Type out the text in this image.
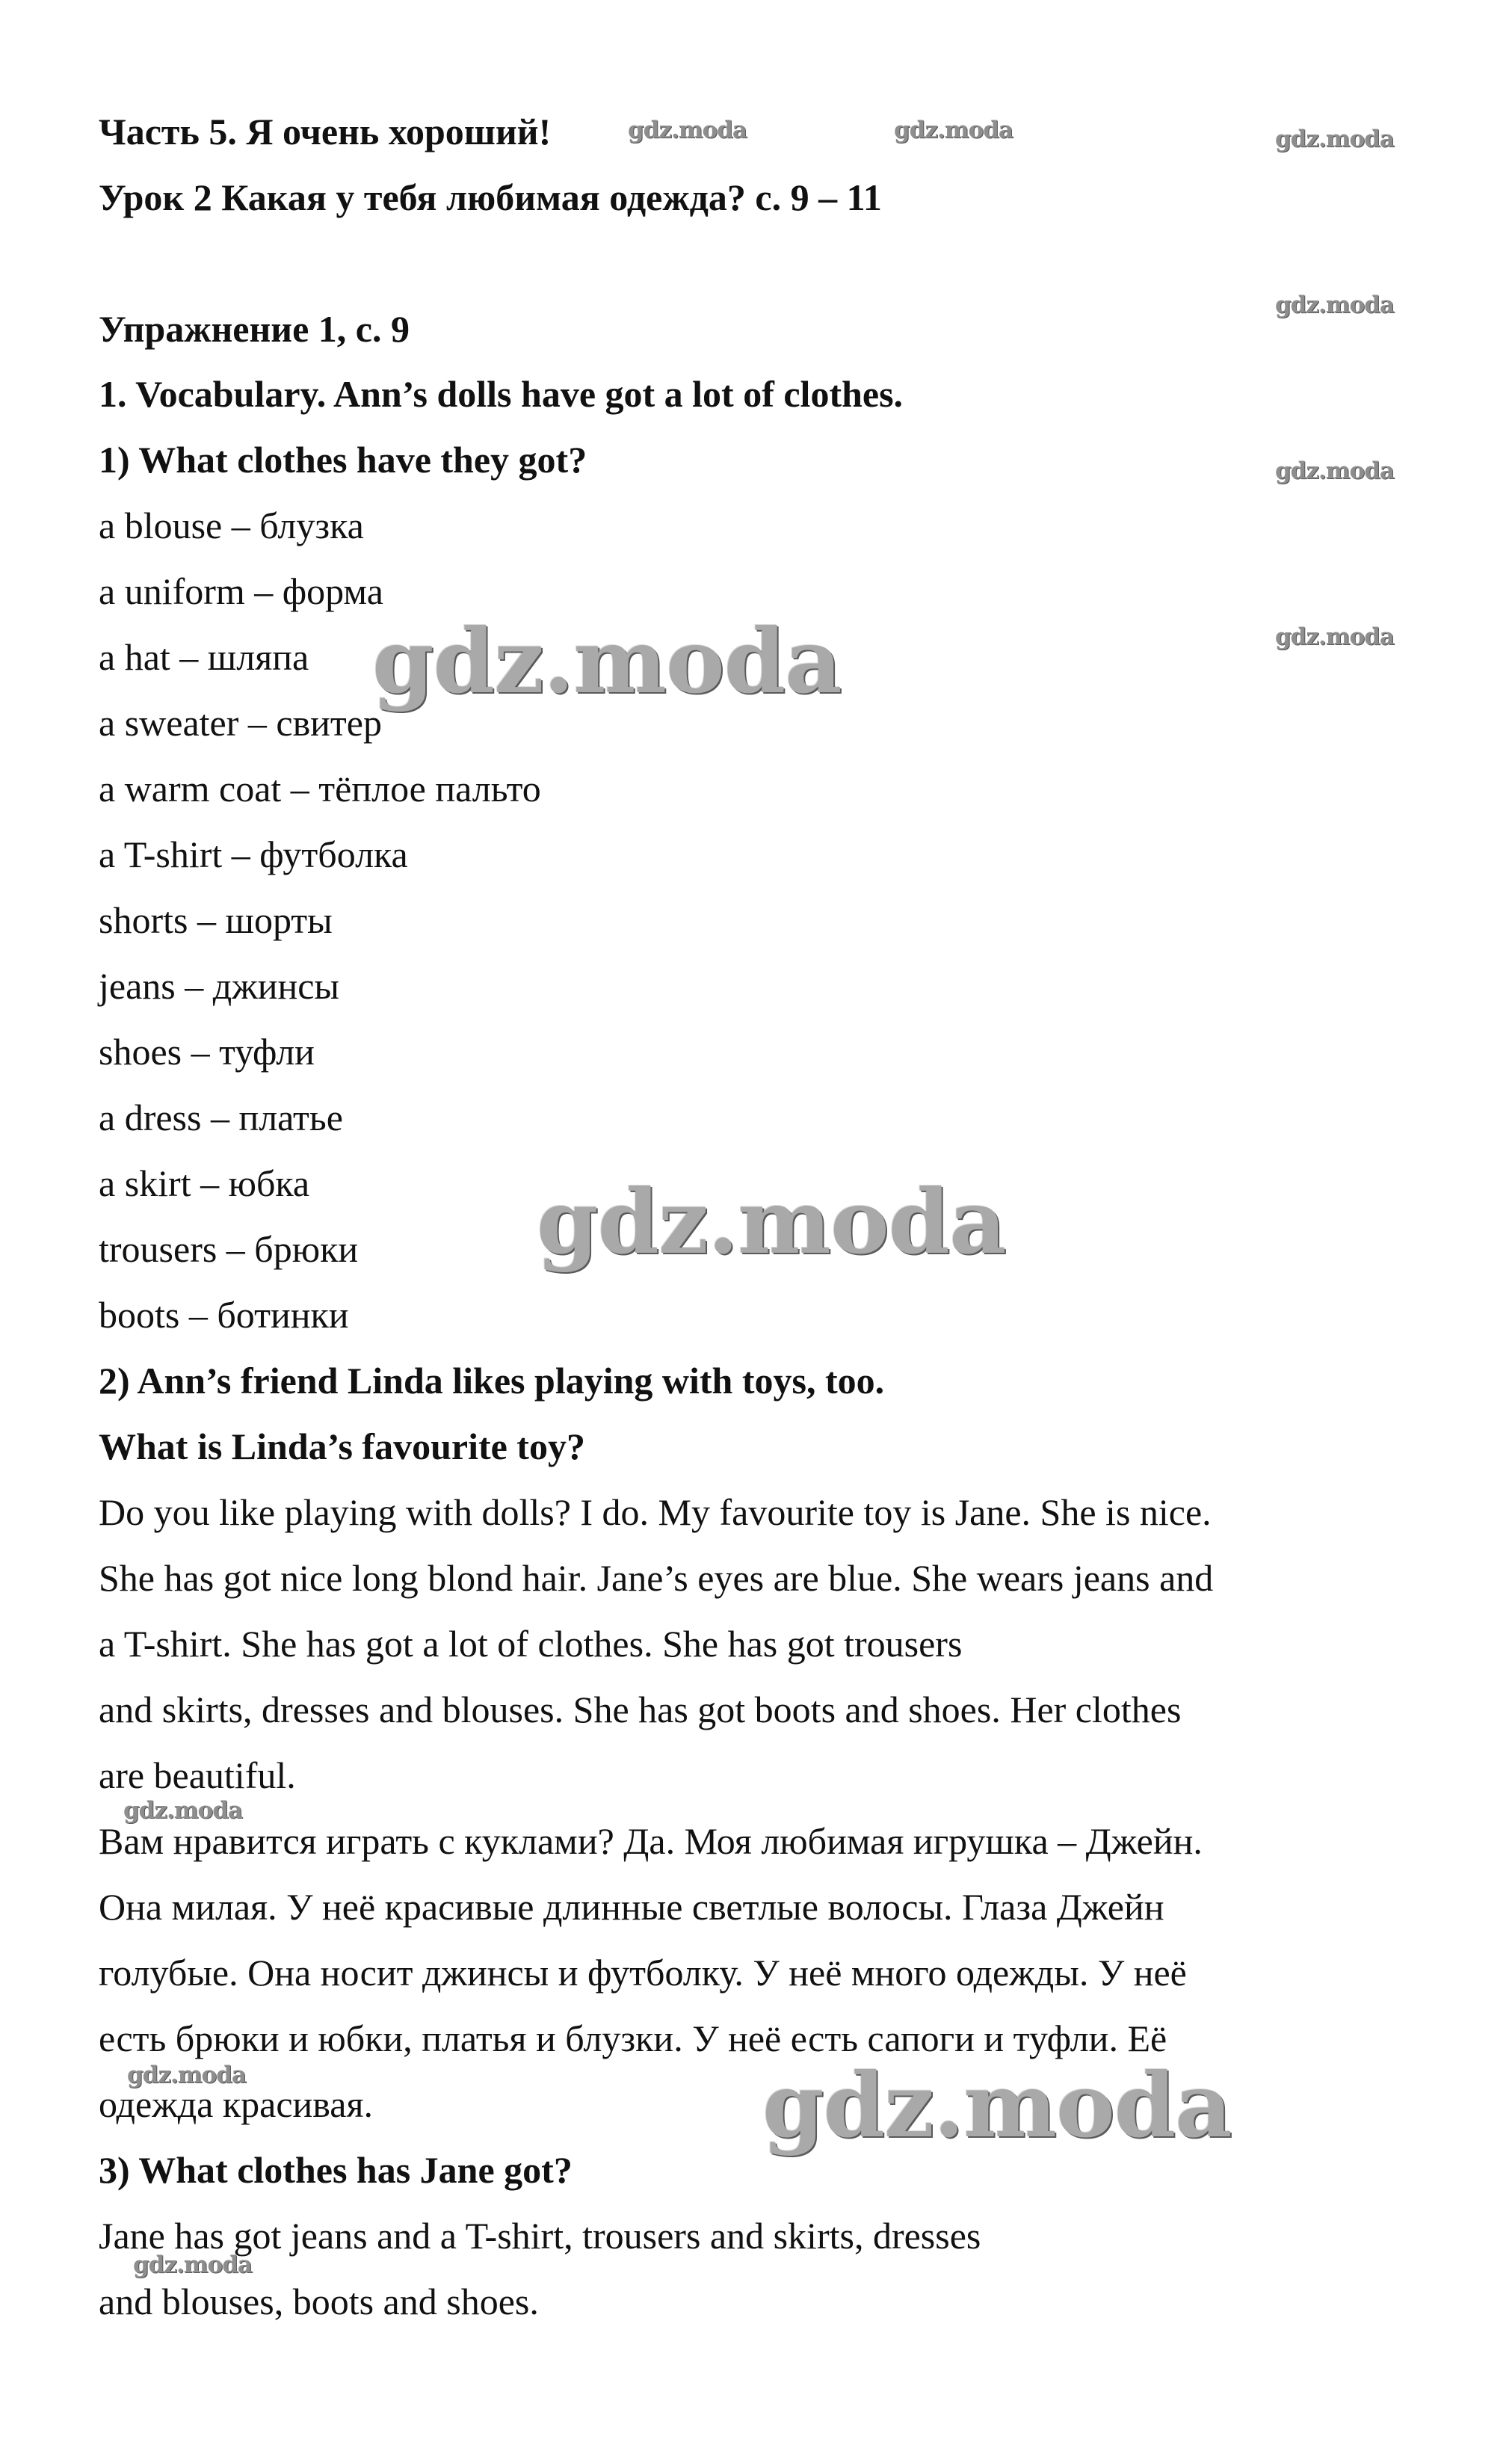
Часть 5. Я очень хороший!
Урок 2 Какая у тебя любимая одежда? с. 9 – 11
Упражнение 1, с. 9
1. Vocabulary. Ann’s dolls have got a lot of clothes.
1) What clothes have they got?
a blouse – блузка
a uniform – форма
a hat – шляпа
a sweater – свитер
a warm coat – тёплое пальто
a T-shirt – футболка
shorts – шорты
jeans – джинсы
shoes – туфли
a dress – платье
a skirt – юбка
trousers – брюки
boots – ботинки
2) Ann’s friend Linda likes playing with toys, too.
What is Linda’s favourite toy?
Do you like playing with dolls? I do. My favourite toy is Jane. She is nice.
She has got nice long blond hair. Jane’s eyes are blue. She wears jeans and
a T-shirt. She has got a lot of clothes. She has got trousers
and skirts, dresses and blouses. She has got boots and shoes. Her clothes
are beautiful.
Вам нравится играть с куклами? Да. Моя любимая игрушка – Джейн.
Она милая. У неё красивые длинные светлые волосы. Глаза Джейн
голубые. Она носит джинсы и футболку. У неё много одежды. У неё
есть брюки и юбки, платья и блузки. У неё есть сапоги и туфли. Её
одежда красивая.
3) What clothes has Jane got?
Jane has got jeans and a T-shirt, trousers and skirts, dresses
and blouses, boots and shoes.
gdz.moda	gdz.moda	gdz.moda
gdz.moda
gdz.moda
gdz.moda
gdz.moda
gdz.moda
gdz.moda
gdz.moda
gdz.moda
gdz.moda
